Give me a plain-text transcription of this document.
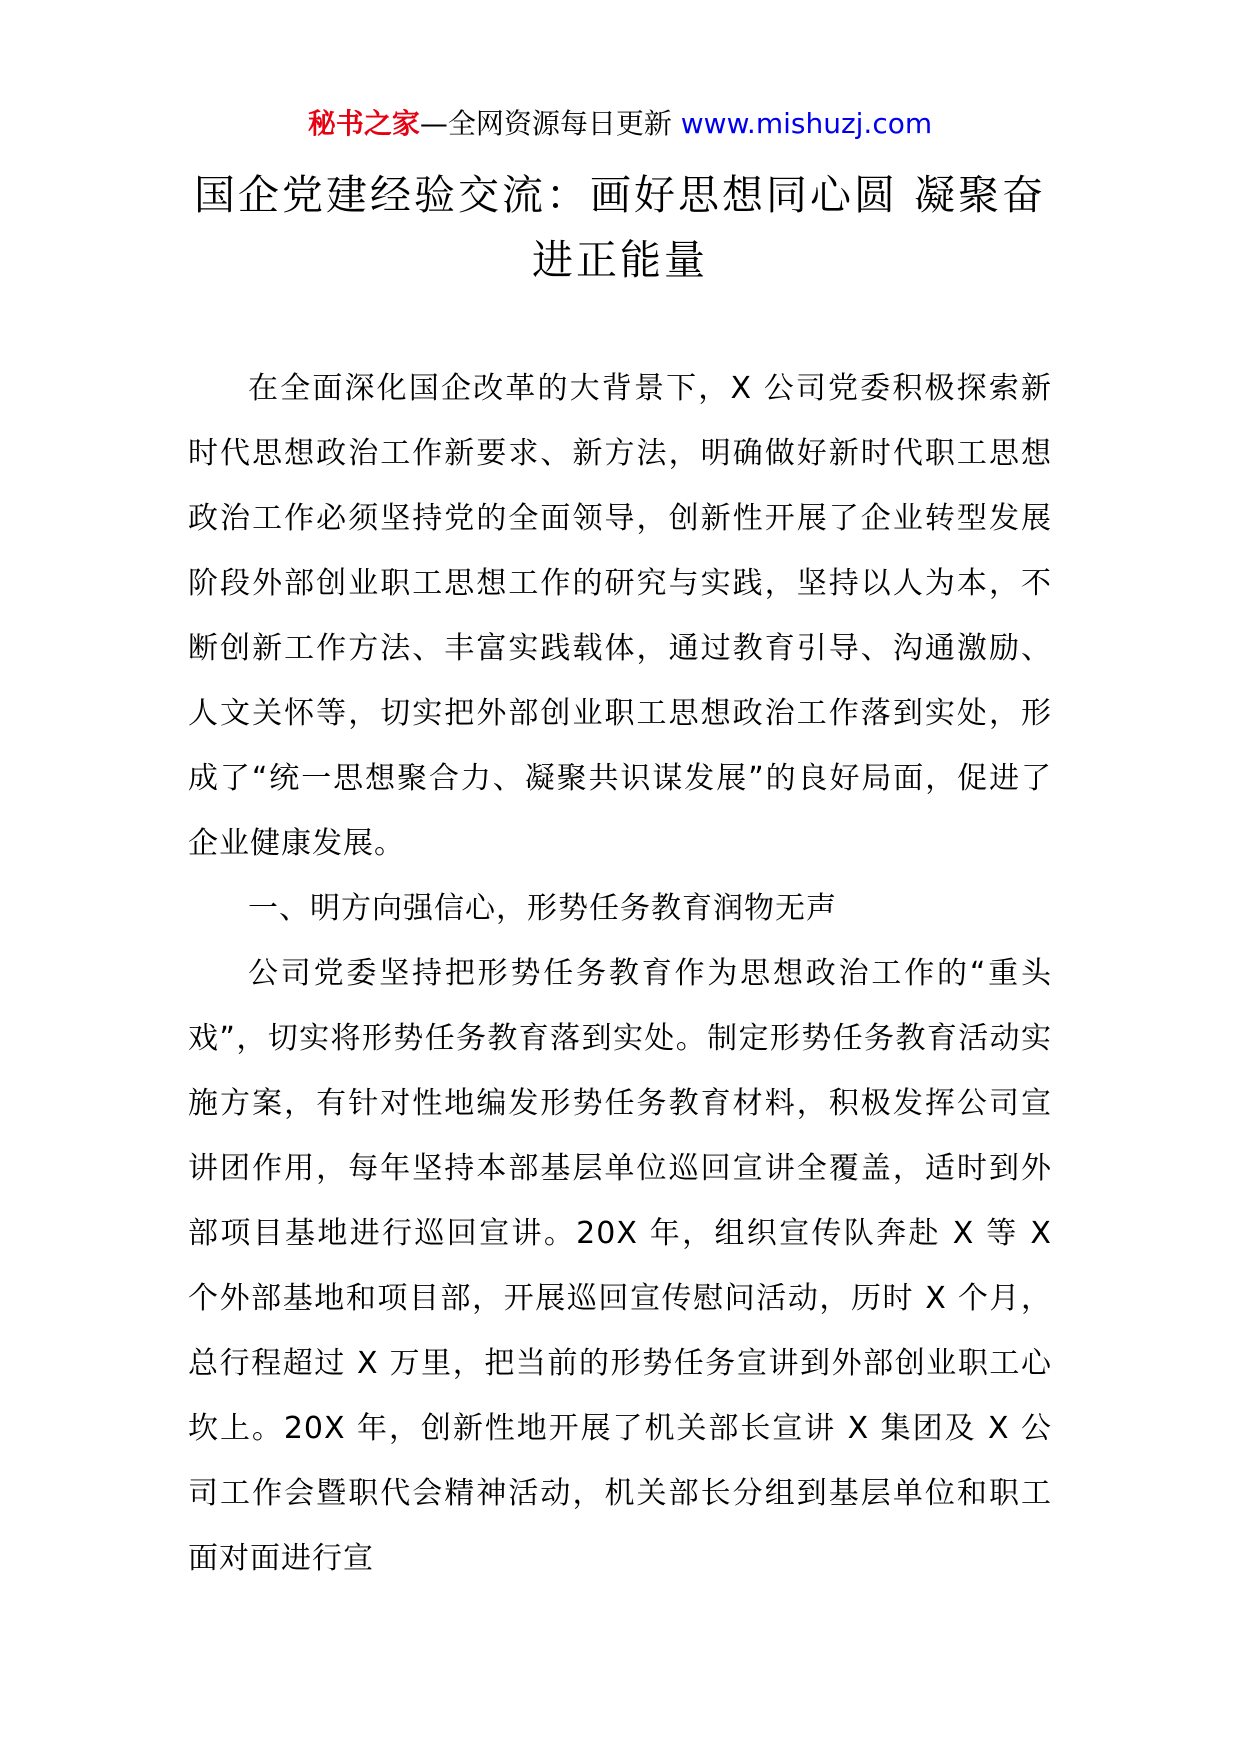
秘书之家—全网资源每日更新 www.mishuzj.com
国企党建经验交流：画好思想同心圆 凝聚奋进正能量

在全面深化国企改革的大背景下，X 公司党委积极探索新时代思想政治工作新要求、新方法，明确做好新时代职工思想政治工作必须坚持党的全面领导，创新性开展了企业转型发展阶段外部创业职工思想工作的研究与实践，坚持以人为本，不断创新工作方法、丰富实践载体，通过教育引导、沟通激励、人文关怀等，切实把外部创业职工思想政治工作落到实处，形成了“统一思想聚合力、凝聚共识谋发展”的良好局面，促进了企业健康发展。

一、明方向强信心，形势任务教育润物无声

公司党委坚持把形势任务教育作为思想政治工作的“重头戏”，切实将形势任务教育落到实处。制定形势任务教育活动实施方案，有针对性地编发形势任务教育材料，积极发挥公司宣讲团作用，每年坚持本部基层单位巡回宣讲全覆盖，适时到外部项目基地进行巡回宣讲。20X 年，组织宣传队奔赴 X 等 X 个外部基地和项目部，开展巡回宣传慰问活动，历时 X 个月，总行程超过 X 万里，把当前的形势任务宣讲到外部创业职工心坎上。20X 年，创新性地开展了机关部长宣讲 X 集团及 X 公司工作会暨职代会精神活动，机关部长分组到基层单位和职工面对面进行宣
